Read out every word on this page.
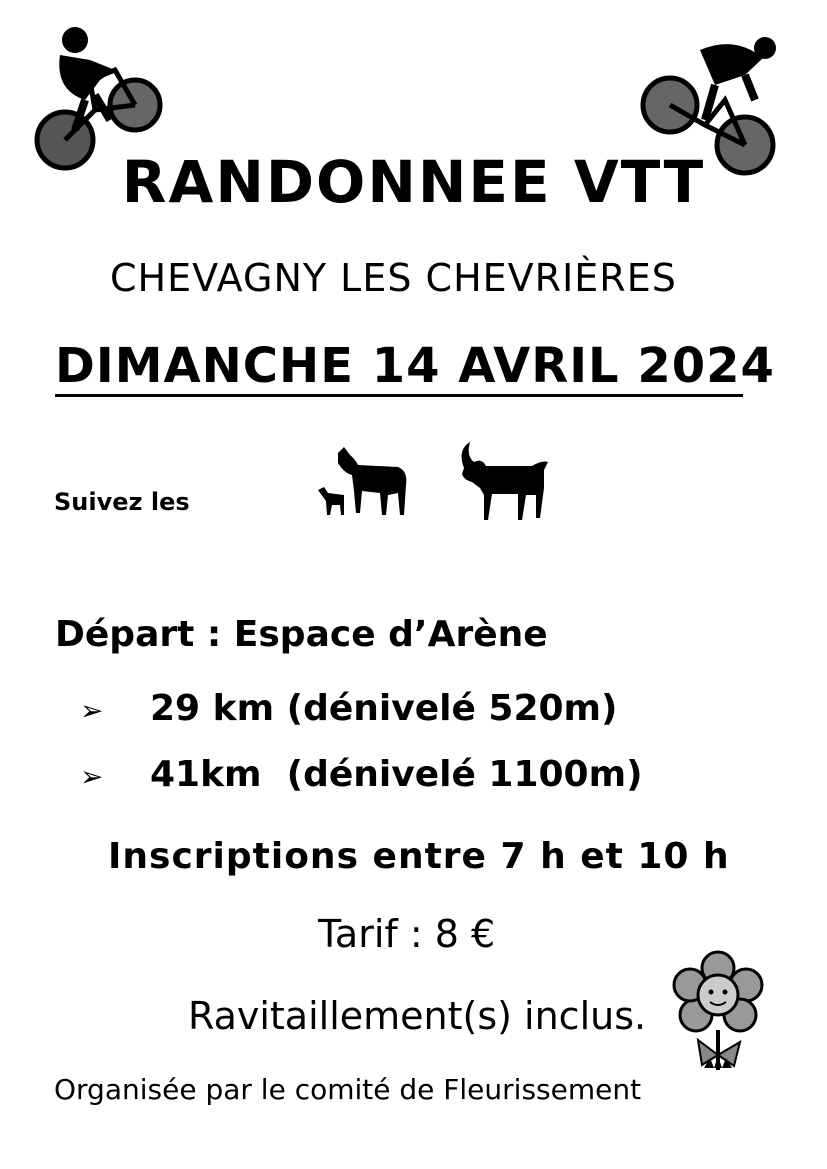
RANDONNEE VTT
CHEVAGNY LES CHEVRIÈRES
DIMANCHE 14 AVRIL 2024
Suivez les
Départ : Espace d’Arène
➢ 29 km (dénivelé 520m)
➢ 41km  (dénivelé 1100m)
Inscriptions entre 7 h et 10 h
Tarif : 8 €
Ravitaillement(s) inclus.
Organisée par le comité de Fleurissement
